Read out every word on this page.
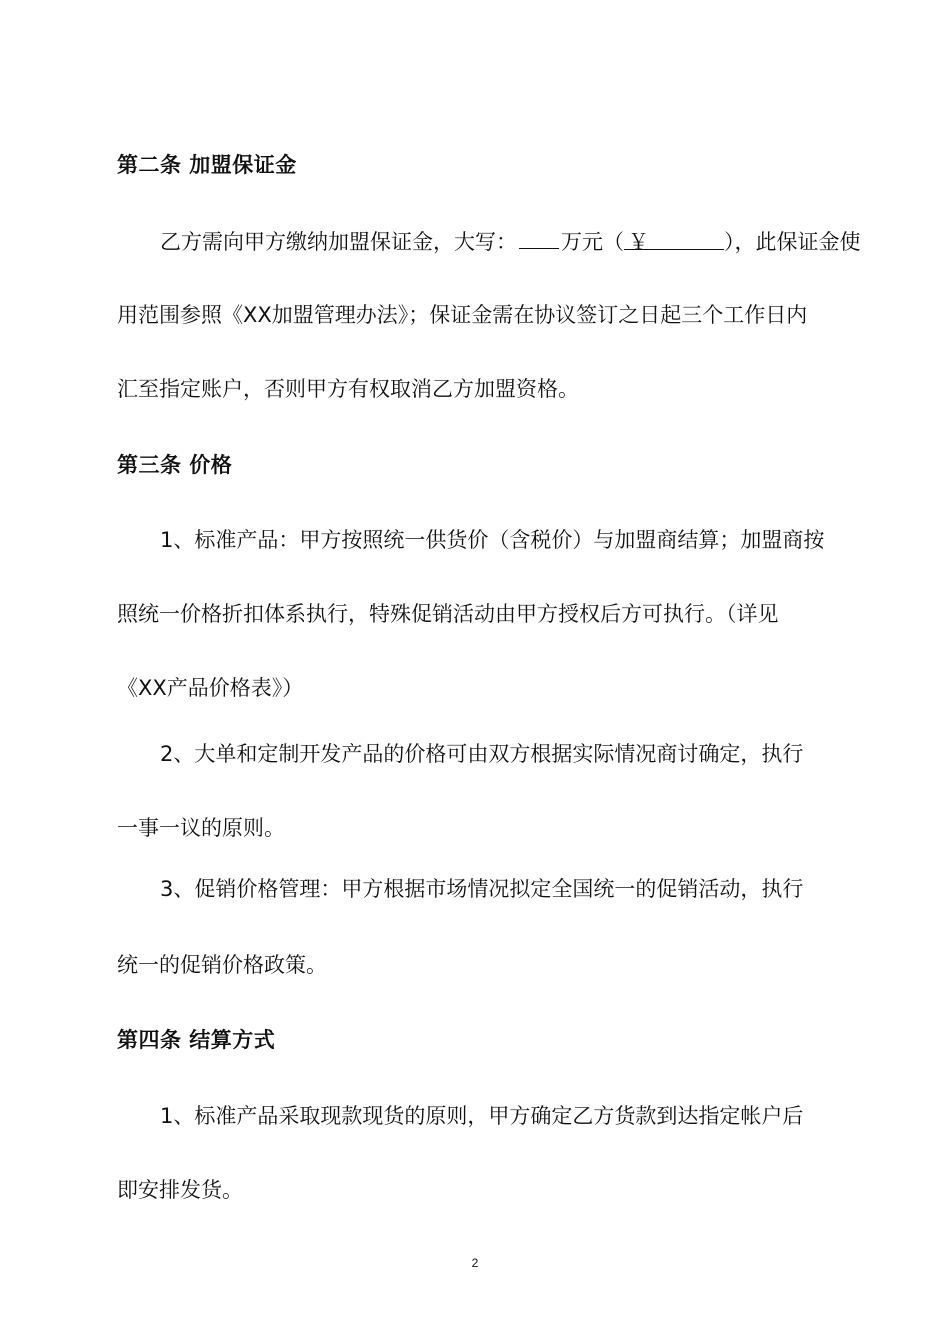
第二条 加盟保证金
乙方需向甲方缴纳加盟保证金，大写： 万元（ ￥	），此保证金使
用范围参照《XX加盟管理办法》；保证金需在协议签订之日起三个工作日内
汇至指定账户，否则甲方有权取消乙方加盟资格。
第三条 价格
1、标准产品：甲方按照统一供货价（含税价）与加盟商结算；加盟商按
照统一价格折扣体系执行，特殊促销活动由甲方授权后方可执行。（详见
《XX产品价格表》）
2、大单和定制开发产品的价格可由双方根据实际情况商讨确定，执行
一事一议的原则。
3、促销价格管理：甲方根据市场情况拟定全国统一的促销活动，执行
统一的促销价格政策。
第四条 结算方式
1、标准产品采取现款现货的原则，甲方确定乙方货款到达指定帐户后
即安排发货。
2
